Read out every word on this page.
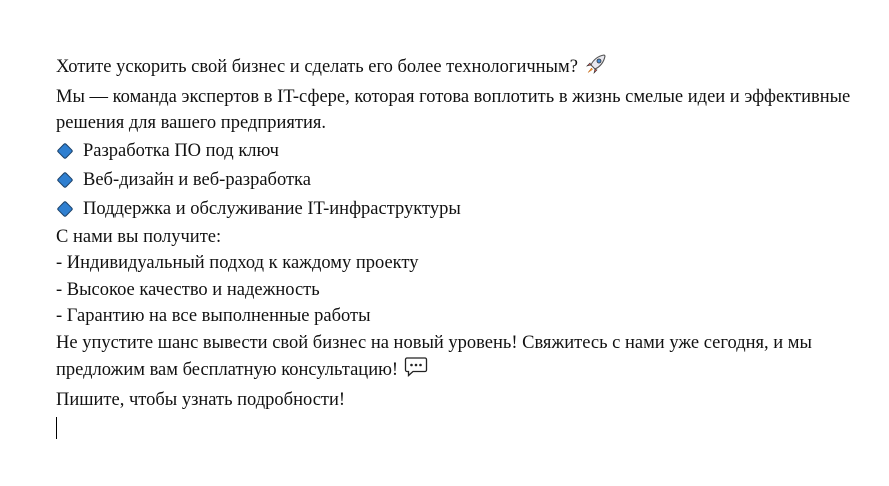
Хотите ускорить свой бизнес и сделать его более технологичным?
Мы — команда экспертов в IT-сфере, которая готова воплотить в жизнь смелые идеи и эффективные решения для вашего предприятия.
Разработка ПО под ключ
Веб-дизайн и веб-разработка
Поддержка и обслуживание IT-инфраструктуры
С нами вы получите:
- Индивидуальный подход к каждому проекту
- Высокое качество и надежность
- Гарантию на все выполненные работы
Не упустите шанс вывести свой бизнес на новый уровень! Свяжитесь с нами уже сегодня, и мы предложим вам бесплатную консультацию!
Пишите, чтобы узнать подробности!
